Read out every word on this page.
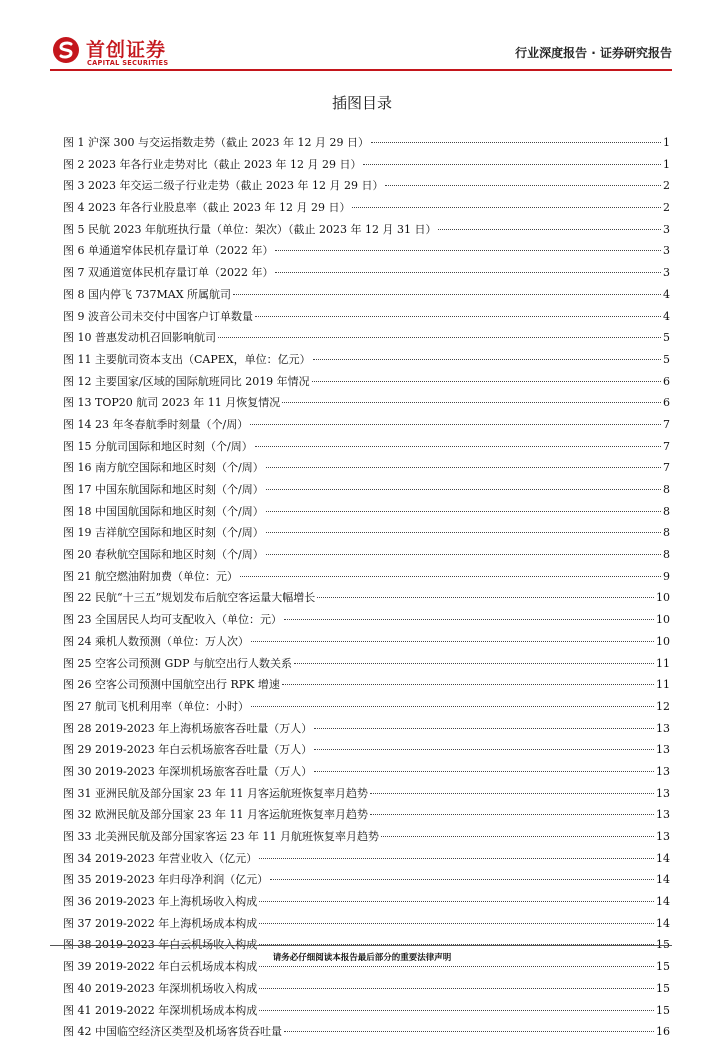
首创证券
CAPITAL SECURITIES
行业深度报告 · 证券研究报告
插图目录
图 1 沪深 300 与交运指数走势（截止 2023 年 12 月 29 日）	1
图 2 2023 年各行业走势对比（截止 2023 年 12 月 29 日）	1
图 3 2023 年交运二级子行业走势（截止 2023 年 12 月 29 日）	2
图 4 2023 年各行业股息率（截止 2023 年 12 月 29 日）	2
图 5 民航 2023 年航班执行量（单位：架次）（截止 2023 年 12 月 31 日）	3
图 6 单通道窄体民机存量订单（2022 年）	3
图 7 双通道宽体民机存量订单（2022 年）	3
图 8 国内停飞 737MAX 所属航司	4
图 9 波音公司未交付中国客户订单数量	4
图 10 普惠发动机召回影响航司	5
图 11 主要航司资本支出（CAPEX，单位：亿元）	5
图 12 主要国家/区域的国际航班同比 2019 年情况	6
图 13 TOP20 航司 2023 年 11 月恢复情况	6
图 14 23 年冬春航季时刻量（个/周）	7
图 15 分航司国际和地区时刻（个/周）	7
图 16 南方航空国际和地区时刻（个/周）	7
图 17 中国东航国际和地区时刻（个/周）	8
图 18 中国国航国际和地区时刻（个/周）	8
图 19 吉祥航空国际和地区时刻（个/周）	8
图 20 春秋航空国际和地区时刻（个/周）	8
图 21 航空燃油附加费（单位：元）	9
图 22 民航“十三五”规划发布后航空客运量大幅增长	10
图 23 全国居民人均可支配收入（单位：元）	10
图 24 乘机人数预测（单位：万人次）	10
图 25 空客公司预测 GDP 与航空出行人数关系	11
图 26 空客公司预测中国航空出行 RPK 增速	11
图 27 航司飞机利用率（单位：小时）	12
图 28 2019-2023 年上海机场旅客吞吐量（万人）	13
图 29 2019-2023 年白云机场旅客吞吐量（万人）	13
图 30 2019-2023 年深圳机场旅客吞吐量（万人）	13
图 31 亚洲民航及部分国家 23 年 11 月客运航班恢复率月趋势	13
图 32 欧洲民航及部分国家 23 年 11 月客运航班恢复率月趋势	13
图 33 北美洲民航及部分国家客运 23 年 11 月航班恢复率月趋势	13
图 34 2019-2023 年营业收入（亿元）	14
图 35 2019-2023 年归母净利润（亿元）	14
图 36 2019-2023 年上海机场收入构成	14
图 37 2019-2022 年上海机场成本构成	14
图 38 2019-2023 年白云机场收入构成	15
图 39 2019-2022 年白云机场成本构成	15
图 40 2019-2023 年深圳机场收入构成	15
图 41 2019-2022 年深圳机场成本构成	15
图 42 中国临空经济区类型及机场客货吞吐量	16
请务必仔细阅读本报告最后部分的重要法律声明
